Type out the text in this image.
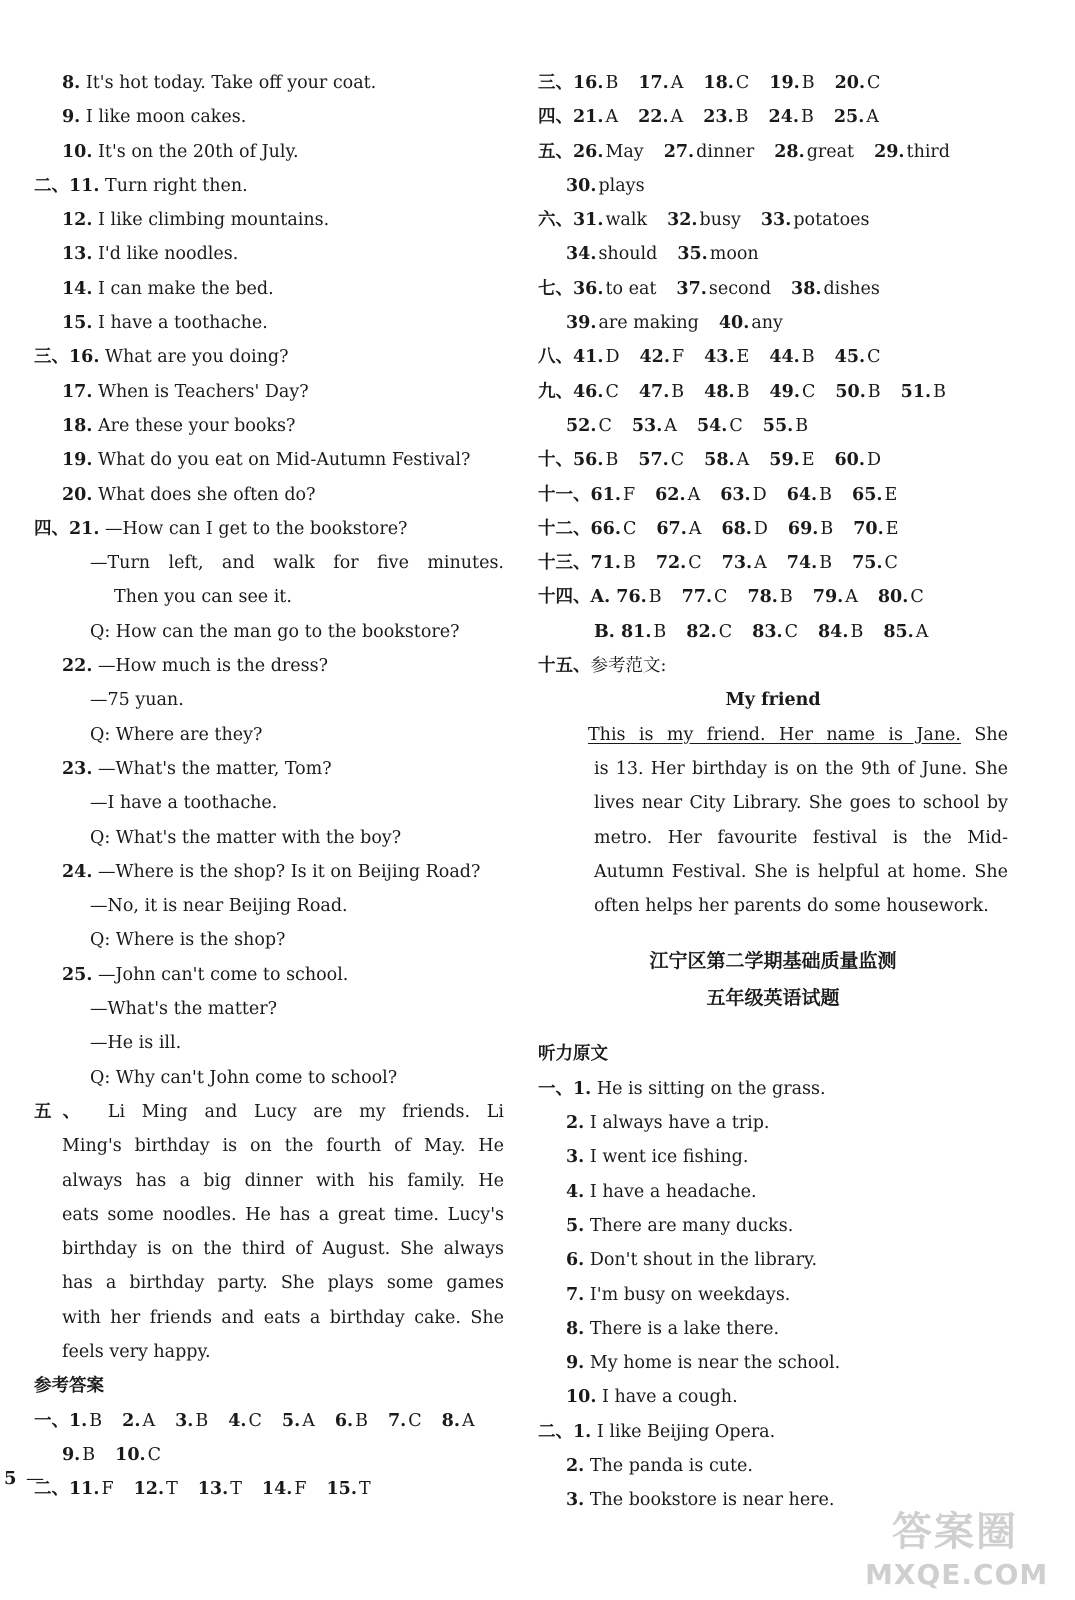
8. It's hot today. Take off your coat.
9. I like moon cakes.
10. It's on the 20th of July.
二、11. Turn right then.
12. I like climbing mountains.
13. I'd like noodles.
14. I can make the bed.
15. I have a toothache.
三、16. What are you doing?
17. When is Teachers' Day?
18. Are these your books?
19. What do you eat on Mid-Autumn Festival?
20. What does she often do?
四、21. —How can I get to the bookstore?
—Turn left, and walk for five minutes.
Then you can see it.
Q: How can the man go to the bookstore?
22. —How much is the dress?
—75 yuan.
Q: Where are they?
23. —What's the matter, Tom?
—I have a toothache.
Q: What's the matter with the boy?
24. —Where is the shop? Is it on Beijing Road?
—No, it is near Beijing Road.
Q: Where is the shop?
25. —John can't come to school.
—What's the matter?
—He is ill.
Q: Why can't John come to school?
五、 Li Ming and Lucy are my friends. Li
Ming's birthday is on the fourth of May. He
always has a big dinner with his family. He
eats some noodles. He has a great time. Lucy's
birthday is on the third of August. She always
has a birthday party. She plays some games
with her friends and eats a birthday cake. She
feels very happy.
参考答案
一、1. B 2. A 3. B 4. C 5. A 6. B 7. C 8. A
9. B 10. C
二、11. F 12. T 13. T 14. F 15. T
三、16. B 17. A 18. C 19. B 20. C
四、21. A 22. A 23. B 24. B 25. A
五、26. May 27. dinner 28. great 29. third
30. plays
六、31. walk 32. busy 33. potatoes
34. should 35. moon
七、36. to eat 37. second 38. dishes
39. are making 40. any
八、41. D 42. F 43. E 44. B 45. C
九、46. C 47. B 48. B 49. C 50. B 51. B
52. C 53. A 54. C 55. B
十、56. B 57. C 58. A 59. E 60. D
十一、61. F 62. A 63. D 64. B 65. E
十二、66. C 67. A 68. D 69. B 70. E
十三、71. B 72. C 73. A 74. B 75. C
十四、A. 76. B 77. C 78. B 79. A 80. C
B. 81. B 82. C 83. C 84. B 85. A
十五、参考范文:
My friend
This is my friend. Her name is Jane. She
is 13. Her birthday is on the 9th of June. She
lives near City Library. She goes to school by
metro. Her favourite festival is the Mid-
Autumn Festival. She is helpful at home. She
often helps her parents do some housework.
江宁区第二学期基础质量监测
五年级英语试题
听力原文
一、1. He is sitting on the grass.
2. I always have a trip.
3. I went ice fishing.
4. I have a headache.
5. There are many ducks.
6. Don't shout in the library.
7. I'm busy on weekdays.
8. There is a lake there.
9. My home is near the school.
10. I have a cough.
二、1. I like Beijing Opera.
2. The panda is cute.
3. The bookstore is near here.
5 —
答案圈
MXQE.COM
